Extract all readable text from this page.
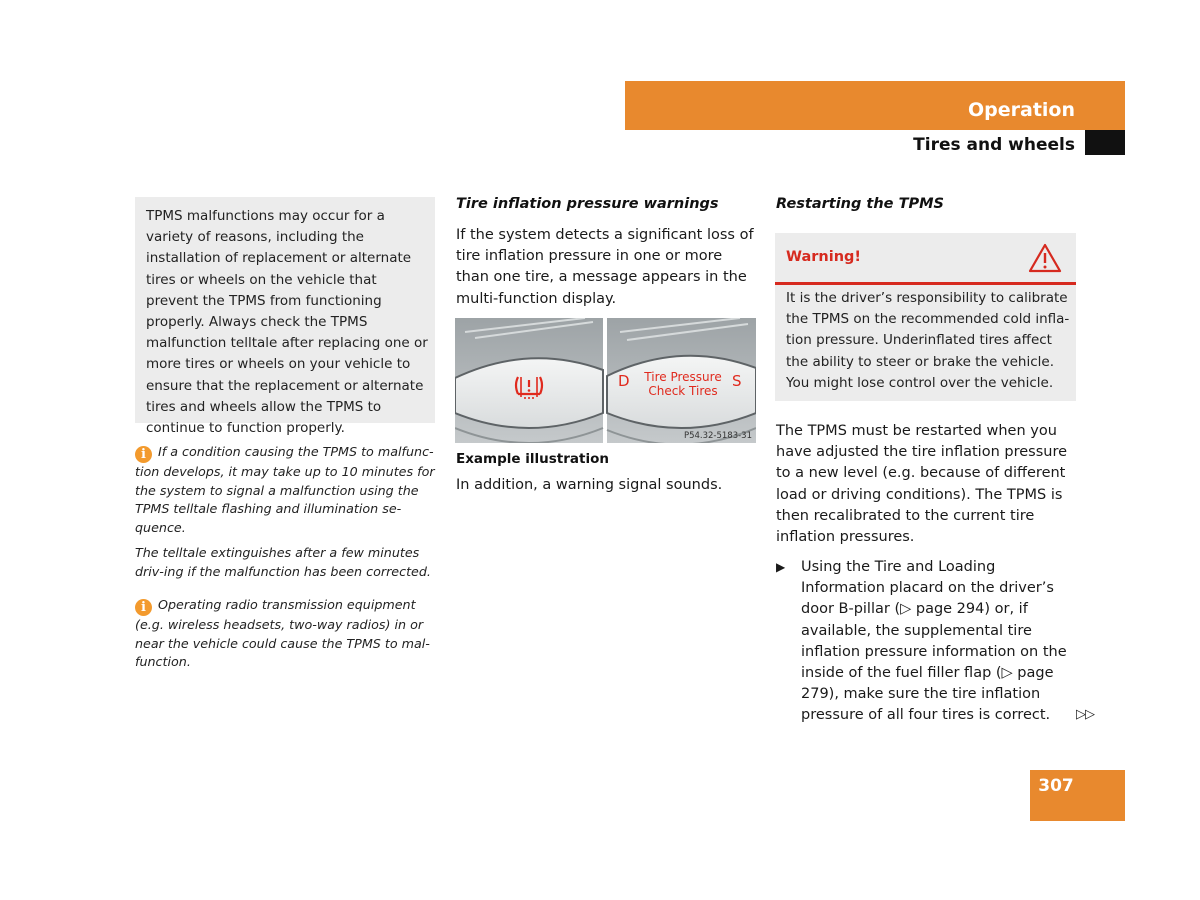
Operation
Tires and wheels

TPMS malfunctions may occur for a variety of reasons, including the installation of replacement or alternate tires or wheels on the vehicle that prevent the TPMS from functioning properly. Always check the TPMS malfunction telltale after replacing one or more tires or wheels on your vehicle to ensure that the replacement or alternate tires and wheels allow the TPMS to continue to function properly.

i If a condition causing the TPMS to malfunc-tion develops, it may take up to 10 minutes for the system to signal a malfunction using the TPMS telltale flashing and illumination se-quence.

The telltale extinguishes after a few minutes driv-ing if the malfunction has been corrected.

i Operating radio transmission equipment (e.g. wireless headsets, two-way radios) in or near the vehicle could cause the TPMS to mal-function.

Tire inflation pressure warnings

If the system detects a significant loss of tire inflation pressure in one or more than one tire, a message appears in the multi-function display.

D	S
Tire Pressure
Check Tires
P54.32-5183-31
Example illustration

In addition, a warning signal sounds.

Restarting the TPMS
Warning!

It is the driver’s responsibility to calibrate the TPMS on the recommended cold infla-tion pressure. Underinflated tires affect the ability to steer or brake the vehicle. You might lose control over the vehicle.

The TPMS must be restarted when you have adjusted the tire inflation pressure to a new level (e.g. because of different load or driving conditions). The TPMS is then recalibrated to the current tire inflation pressures.

▶ Using the Tire and Loading Information placard on the driver’s door B-pillar (▷ page 294) or, if available, the supplemental tire inflation pressure information on the inside of the fuel filler flap (▷ page 279), make sure the tire inflation pressure of all four tires is correct.	▷▷
307
